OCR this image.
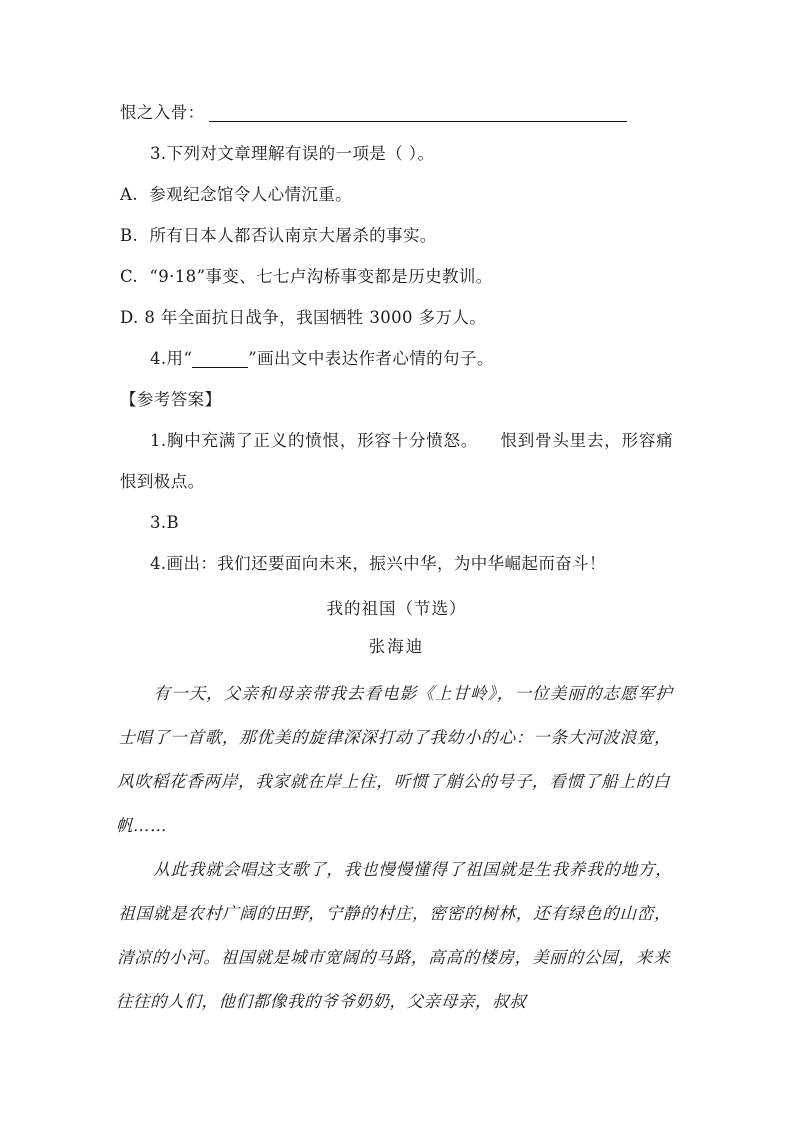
恨之入骨：
3.下列对文章理解有误的一项是（ ）。
A. 参观纪念馆令人心情沉重。
B. 所有日本人都否认南京大屠杀的事实。
C. “9·18”事变、七七卢沟桥事变都是历史教训。
D. 8 年全面抗日战争，我国牺牲 3000 多万人。
4.用“	”画出文中表达作者心情的句子。
【参考答案】
1.胸中充满了正义的愤恨，形容十分愤怒。 恨到骨头里去，形容痛恨到极点。
3.B
4.画出：我们还要面向未来，振兴中华，为中华崛起而奋斗！
我的祖国（节选）
张海迪

有一天，父亲和母亲带我去看电影《上甘岭》，一位美丽的志愿军护士唱了一首歌，那优美的旋律深深打动了我幼小的心：一条大河波浪宽，风吹稻花香两岸，我家就在岸上住，听惯了艄公的号子，看惯了船上的白帆……

从此我就会唱这支歌了，我也慢慢懂得了祖国就是生我养我的地方，祖国就是农村广阔的田野，宁静的村庄，密密的树林，还有绿色的山峦，清凉的小河。祖国就是城市宽阔的马路，高高的楼房，美丽的公园，来来往往的人们，他们都像我的爷爷奶奶，父亲母亲，叔叔
